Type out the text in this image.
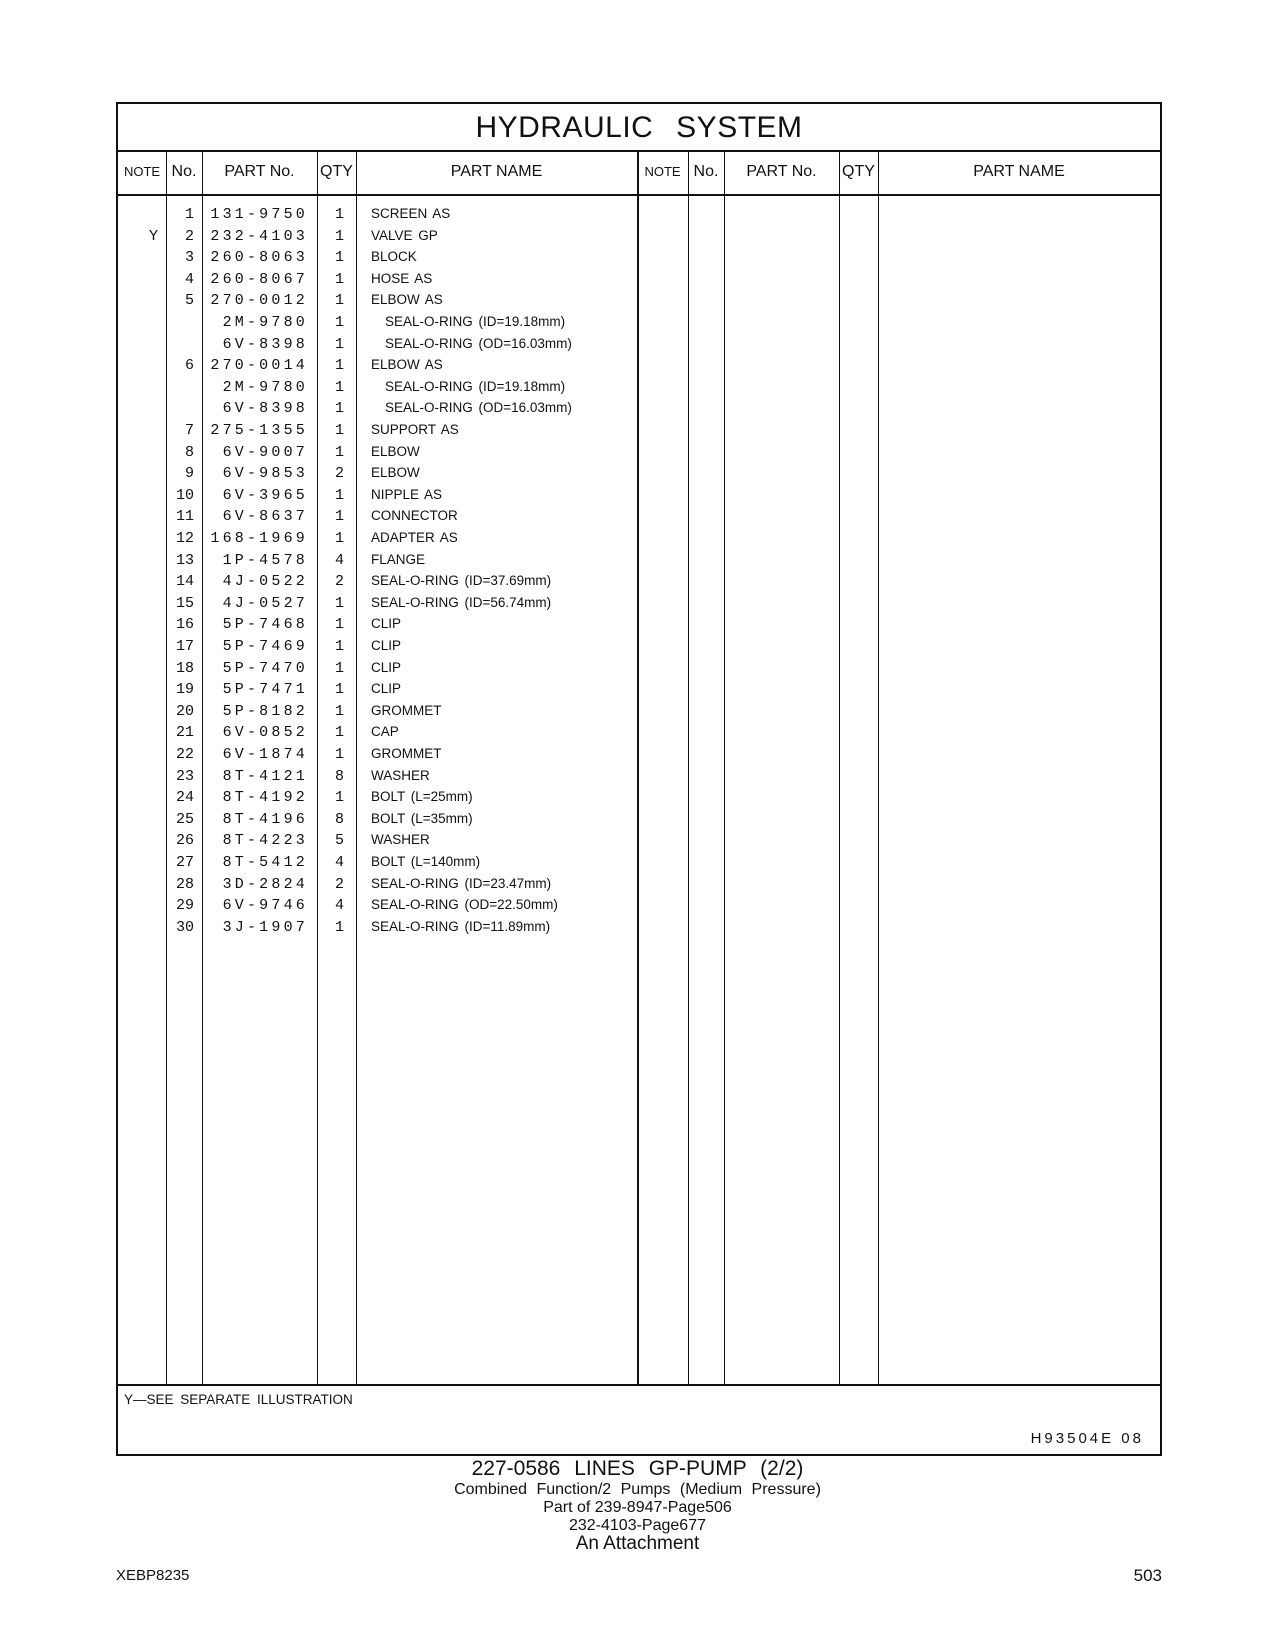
HYDRAULIC SYSTEM
NOTE No.	PART No.	QTY	PART NAME	NOTE No.	PART No.	QTY	PART NAME
1 131-9750	1 SCREEN AS
Y	2 232-4103	1 VALVE GP
3 260-8063	1 BLOCK
4 260-8067	1 HOSE AS
5 270-0012	1 ELBOW AS
2M-9780	1	SEAL-O-RING (ID=19.18mm)
6V-8398	1	SEAL-O-RING (OD=16.03mm)
6 270-0014	1 ELBOW AS
2M-9780	1	SEAL-O-RING (ID=19.18mm)
6V-8398	1	SEAL-O-RING (OD=16.03mm)
7 275-1355	1 SUPPORT AS
8	6V-9007	1 ELBOW
9	6V-9853	2 ELBOW
10	6V-3965	1 NIPPLE AS
11	6V-8637	1 CONNECTOR
12 168-1969	1 ADAPTER AS
13	1P-4578	4 FLANGE
14	4J-0522	2 SEAL-O-RING (ID=37.69mm)
15	4J-0527	1 SEAL-O-RING (ID=56.74mm)
16	5P-7468	1 CLIP
17	5P-7469	1 CLIP
18	5P-7470	1 CLIP
19	5P-7471	1 CLIP
20	5P-8182	1 GROMMET
21	6V-0852	1 CAP
22	6V-1874	1 GROMMET
23	8T-4121	8 WASHER
24	8T-4192	1 BOLT (L=25mm)
25	8T-4196	8 BOLT (L=35mm)
26	8T-4223	5 WASHER
27	8T-5412	4 BOLT (L=140mm)
28	3D-2824	2 SEAL-O-RING (ID=23.47mm)
29	6V-9746	4 SEAL-O-RING (OD=22.50mm)
30	3J-1907	1 SEAL-O-RING (ID=11.89mm)
Y—SEE SEPARATE ILLUSTRATION
H93504E 08
227-0586 LINES GP-PUMP (2/2)
Combined Function/2 Pumps (Medium Pressure)
Part of 239-8947-Page506
232-4103-Page677
An Attachment
XEBP8235	503
